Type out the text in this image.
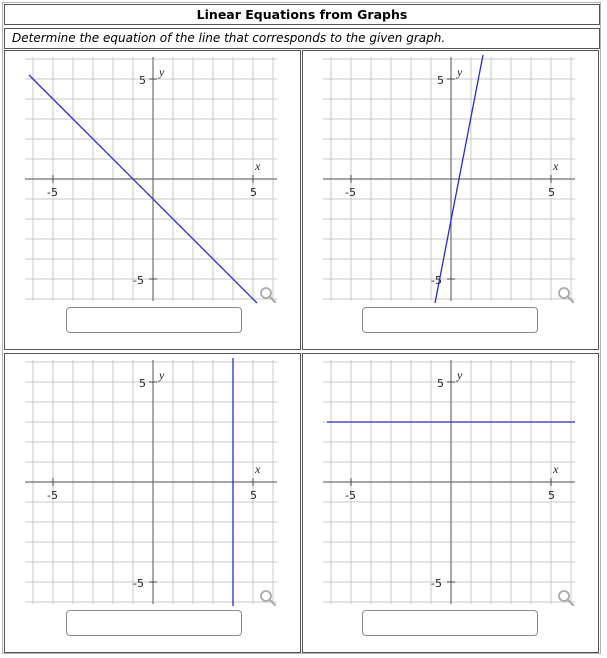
Linear Equations from Graphs
Determine the equation of the line that corresponds to the given graph.
-5	5
5
-5
x
y
-5	5
5
-5
x
y
-5	5
5
-5
x
y
-5	5
5
-5
x
y
